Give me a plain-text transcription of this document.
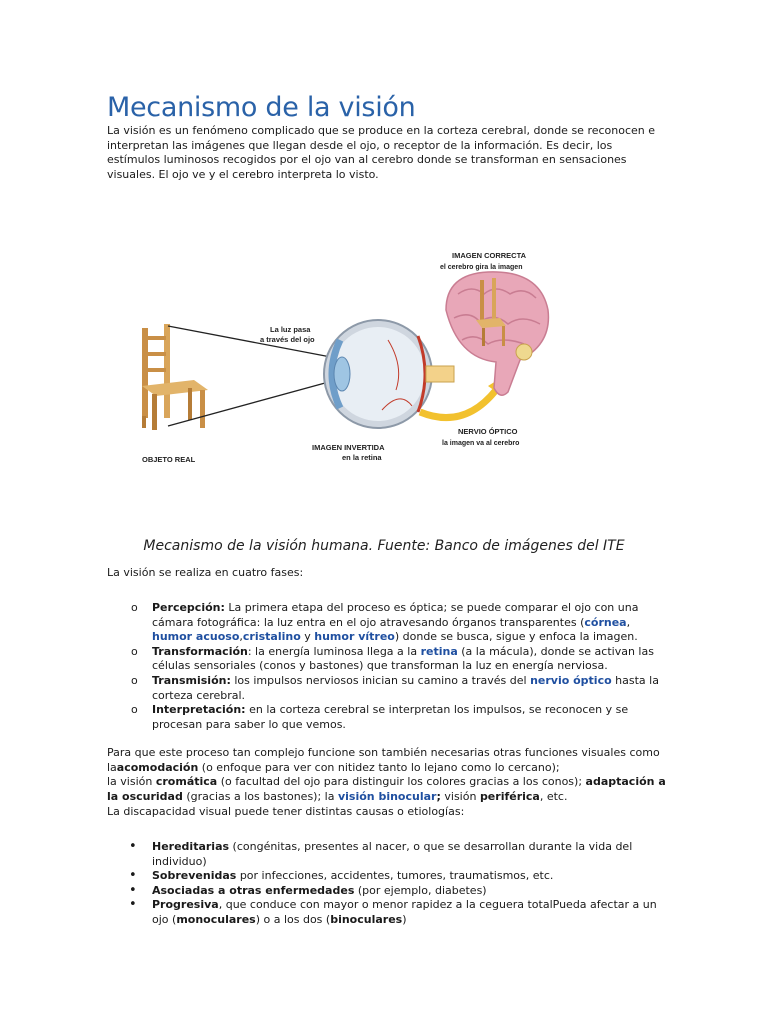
Mecanismo de la visión

La visión es un fenómeno complicado que se produce en la corteza cerebral, donde se reconocen e interpretan las imágenes que llegan desde el ojo, o receptor de la información. Es decir, los estímulos luminosos recogidos por el ojo van al cerebro donde se transforman en sensaciones visuales. El ojo ve y el cerebro interpreta lo visto.

La luz pasa
a través del ojo
OBJETO REAL
IMAGEN INVERTIDA
en la retina
IMAGEN CORRECTA
el cerebro gira la imagen
NERVIO ÓPTICO
la imagen va al cerebro

Mecanismo de la visión humana. Fuente: Banco de imágenes del ITE

La visión se realiza en cuatro fases:

o Percepción: La primera etapa del proceso es óptica; se puede comparar el ojo con una cámara fotográfica: la luz entra en el ojo atravesando órganos transparentes (córnea, humor acuoso,cristalino y humor vítreo) donde se busca, sigue y enfoca la imagen.
o Transformación: la energía luminosa llega a la retina (a la mácula), donde se activan las células sensoriales (conos y bastones) que transforman la luz en energía nerviosa.
o Transmisión: los impulsos nerviosos inician su camino a través del nervio óptico hasta la corteza cerebral.
o Interpretación: en la corteza cerebral se interpretan los impulsos, se reconocen y se procesan para saber lo que vemos.

Para que este proceso tan complejo funcione son también necesarias otras funciones visuales como laacomodación (o enfoque para ver con nitidez tanto lo lejano como lo cercano);
la visión cromática (o facultad del ojo para distinguir los colores gracias a los conos); adaptación a la oscuridad (gracias a los bastones); la visión binocular; visión periférica, etc.

La discapacidad visual puede tener distintas causas o etiologías:

• Hereditarias (congénitas, presentes al nacer, o que se desarrollan durante la vida del individuo)
• Sobrevenidas por infecciones, accidentes, tumores, traumatismos, etc.
• Asociadas a otras enfermedades (por ejemplo, diabetes)
• Progresiva, que conduce con mayor o menor rapidez a la ceguera totalPueda afectar a un ojo (monoculares) o a los dos (binoculares)
